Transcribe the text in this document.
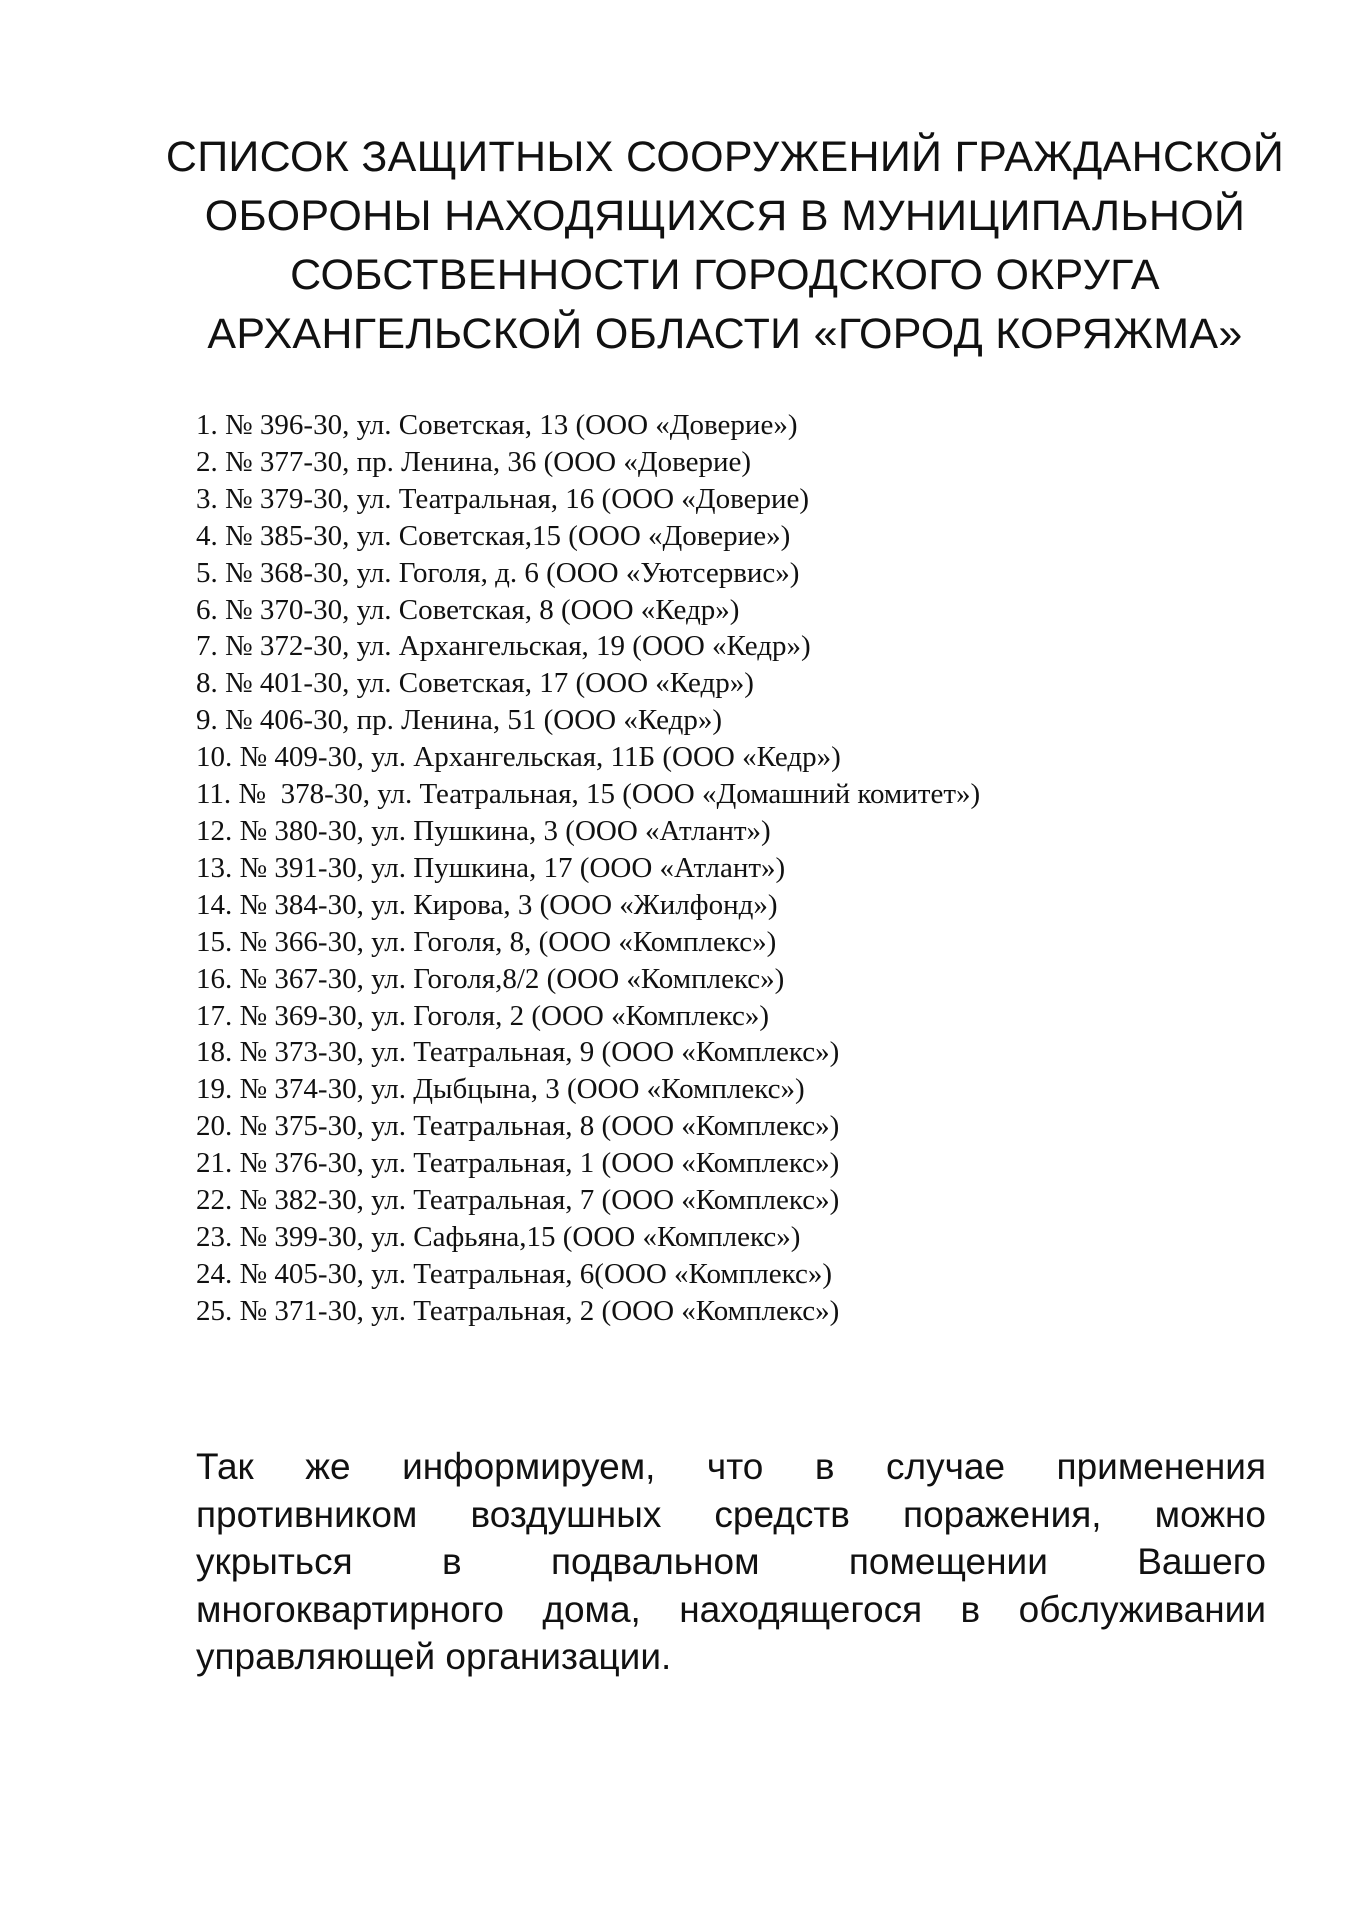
СПИСОК ЗАЩИТНЫХ СООРУЖЕНИЙ ГРАЖДАНСКОЙ
ОБОРОНЫ НАХОДЯЩИХСЯ В МУНИЦИПАЛЬНОЙ
СОБСТВЕННОСТИ ГОРОДСКОГО ОКРУГА
АРХАНГЕЛЬСКОЙ ОБЛАСТИ «ГОРОД КОРЯЖМА»
1. № 396-30, ул. Советская, 13 (ООО «Доверие»)
2. № 377-30, пр. Ленина, 36 (ООО «Доверие)
3. № 379-30, ул. Театральная, 16 (ООО «Доверие)
4. № 385-30, ул. Советская,15 (ООО «Доверие»)
5. № 368-30, ул. Гоголя, д. 6 (ООО «Уютсервис»)
6. № 370-30, ул. Советская, 8 (ООО «Кедр»)
7. № 372-30, ул. Архангельская, 19 (ООО «Кедр»)
8. № 401-30, ул. Советская, 17 (ООО «Кедр»)
9. № 406-30, пр. Ленина, 51 (ООО «Кедр»)
10. № 409-30, ул. Архангельская, 11Б (ООО «Кедр»)
11. №  378-30, ул. Театральная, 15 (ООО «Домашний комитет»)
12. № 380-30, ул. Пушкина, 3 (ООО «Атлант»)
13. № 391-30, ул. Пушкина, 17 (ООО «Атлант»)
14. № 384-30, ул. Кирова, 3 (ООО «Жилфонд»)
15. № 366-30, ул. Гоголя, 8, (ООО «Комплекс»)
16. № 367-30, ул. Гоголя,8/2 (ООО «Комплекс»)
17. № 369-30, ул. Гоголя, 2 (ООО «Комплекс»)
18. № 373-30, ул. Театральная, 9 (ООО «Комплекс»)
19. № 374-30, ул. Дыбцына, 3 (ООО «Комплекс»)
20. № 375-30, ул. Театральная, 8 (ООО «Комплекс»)
21. № 376-30, ул. Театральная, 1 (ООО «Комплекс»)
22. № 382-30, ул. Театральная, 7 (ООО «Комплекс»)
23. № 399-30, ул. Сафьяна,15 (ООО «Комплекс»)
24. № 405-30, ул. Театральная, 6(ООО «Комплекс»)
25. № 371-30, ул. Театральная, 2 (ООО «Комплекс»)

Так же информируем, что в случае применения
противником воздушных средств поражения, можно
укрыться в подвальном помещении Вашего
многоквартирного дома, находящегося в обслуживании
управляющей организации.
